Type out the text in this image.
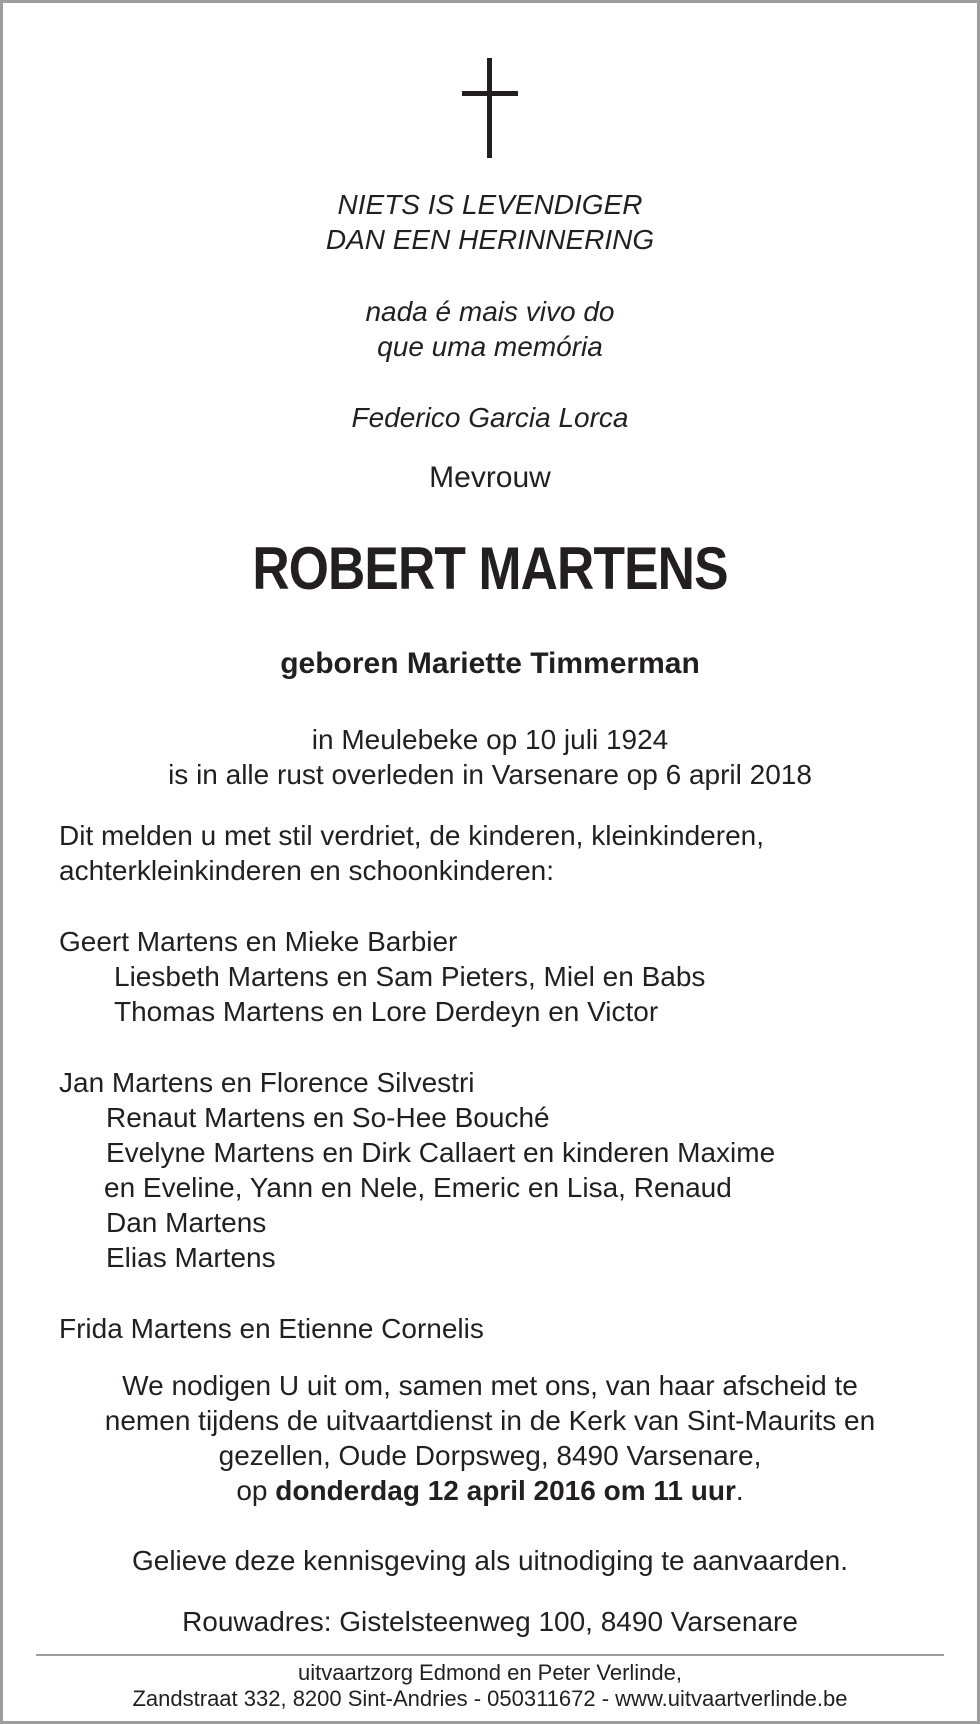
NIETS IS LEVENDIGER
DAN EEN HERINNERING
nada é mais vivo do
que uma memória
Federico Garcia Lorca
Mevrouw
ROBERT MARTENS
geboren Mariette Timmerman
in Meulebeke op 10 juli 1924
is in alle rust overleden in Varsenare op 6 april 2018
Dit melden u met stil verdriet, de kinderen, kleinkinderen,
achterkleinkinderen en schoonkinderen:
Geert Martens en Mieke Barbier
Liesbeth Martens en Sam Pieters, Miel en Babs
Thomas Martens en Lore Derdeyn en Victor
Jan Martens en Florence Silvestri
Renaut Martens en So-Hee Bouché
Evelyne Martens en Dirk Callaert en kinderen Maxime
en Eveline, Yann en Nele, Emeric en Lisa, Renaud
Dan Martens
Elias Martens
Frida Martens en Etienne Cornelis
We nodigen U uit om, samen met ons, van haar afscheid te
nemen tijdens de uitvaartdienst in de Kerk van Sint-Maurits en
gezellen, Oude Dorpsweg, 8490 Varsenare,
op donderdag 12 april 2016 om 11 uur.
Gelieve deze kennisgeving als uitnodiging te aanvaarden.
Rouwadres: Gistelsteenweg 100, 8490 Varsenare
uitvaartzorg Edmond en Peter Verlinde,
Zandstraat 332, 8200 Sint-Andries - 050311672 - www.uitvaartverlinde.be
